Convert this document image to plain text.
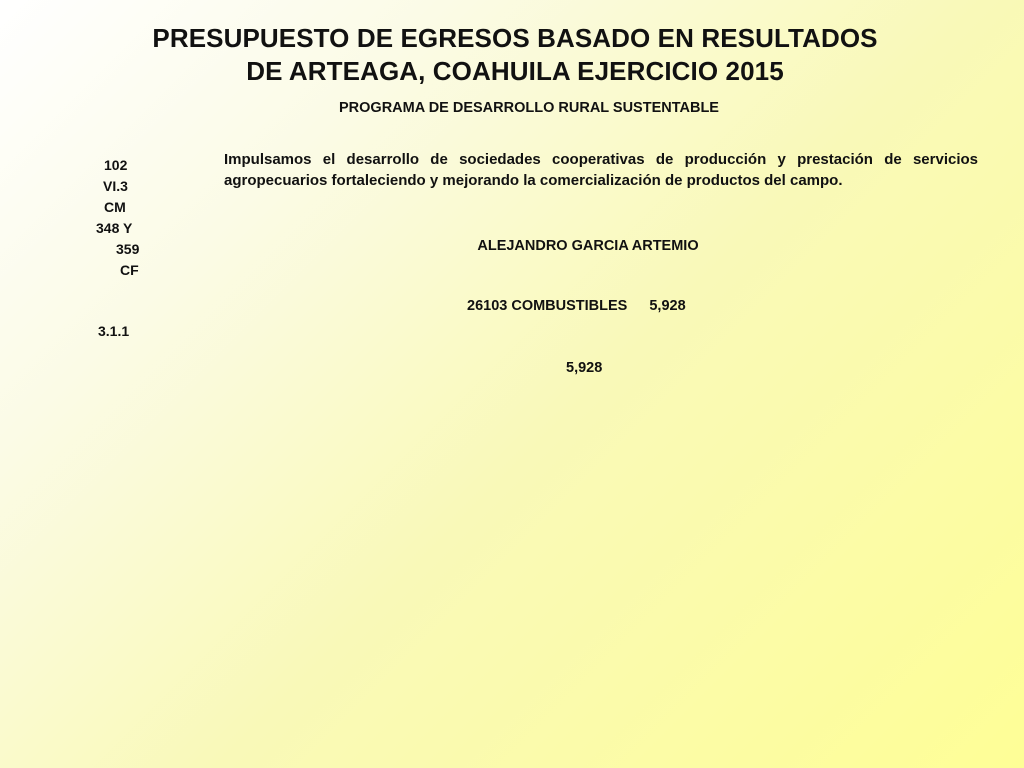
PRESUPUESTO DE EGRESOS BASADO EN RESULTADOS
DE ARTEAGA, COAHUILA EJERCICIO 2015
PROGRAMA DE DESARROLLO RURAL SUSTENTABLE
102
VI.3
CM
348 Y
359
CF
3.1.1
Impulsamos el desarrollo de sociedades cooperativas de producción y prestación de servicios agropecuarios fortaleciendo y mejorando la comercialización de productos del campo.
ALEJANDRO GARCIA ARTEMIO
26103 COMBUSTIBLES 5,928
5,928
